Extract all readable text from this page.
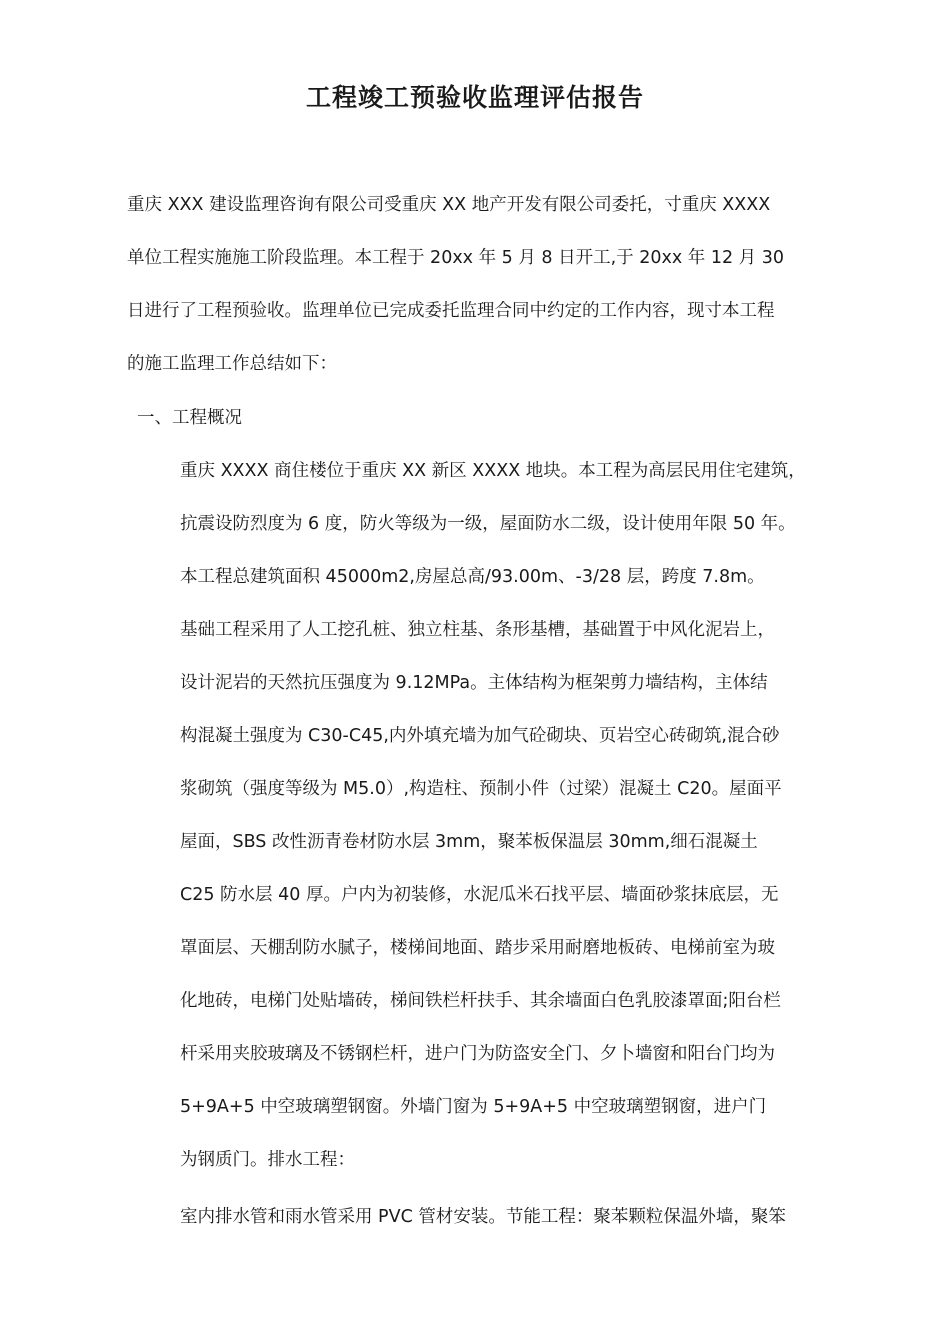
工程竣工预验收监理评估报告
重庆 XXX 建设监理咨询有限公司受重庆 XX 地产开发有限公司委托，寸重庆 XXXX
单位工程实施施工阶段监理。本工程于 20xx 年 5 月 8 日开工,于 20xx 年 12 月 30
日进行了工程预验收。监理单位已完成委托监理合同中约定的工作内容，现寸本工程
的施工监理工作总结如下：
一、工程概况
重庆 XXXX 商住楼位于重庆 XX 新区 XXXX 地块。本工程为高层民用住宅建筑，
抗震设防烈度为 6 度，防火等级为一级，屋面防水二级，设计使用年限 50 年。
本工程总建筑面积 45000m2,房屋总高/93.00m、-3/28 层，跨度 7.8m。
基础工程采用了人工挖孔桩、独立柱基、条形基槽，基础置于中风化泥岩上，
设计泥岩的天然抗压强度为 9.12MPa。主体结构为框架剪力墙结构，主体结
构混凝土强度为 C30-C45,内外填充墙为加气砼砌块、页岩空心砖砌筑,混合砂
浆砌筑（强度等级为 M5.0）,构造柱、预制小件（过梁）混凝土 C20。屋面平
屋面，SBS 改性沥青卷材防水层 3mm，聚苯板保温层 30mm,细石混凝土
C25 防水层 40 厚。户内为初装修，水泥瓜米石找平层、墙面砂浆抹底层，无
罩面层、天棚刮防水腻子，楼梯间地面、踏步采用耐磨地板砖、电梯前室为玻
化地砖，电梯门处贴墙砖，梯间铁栏杆扶手、其余墙面白色乳胶漆罩面;阳台栏
杆采用夹胶玻璃及不锈钢栏杆，进户门为防盗安全门、夕卜墙窗和阳台门均为
5+9A+5 中空玻璃塑钢窗。外墙门窗为 5+9A+5 中空玻璃塑钢窗，进户门
为钢质门。排水工程：
室内排水管和雨水管采用 PVC 管材安装。节能工程：聚苯颗粒保温外墙，聚笨
